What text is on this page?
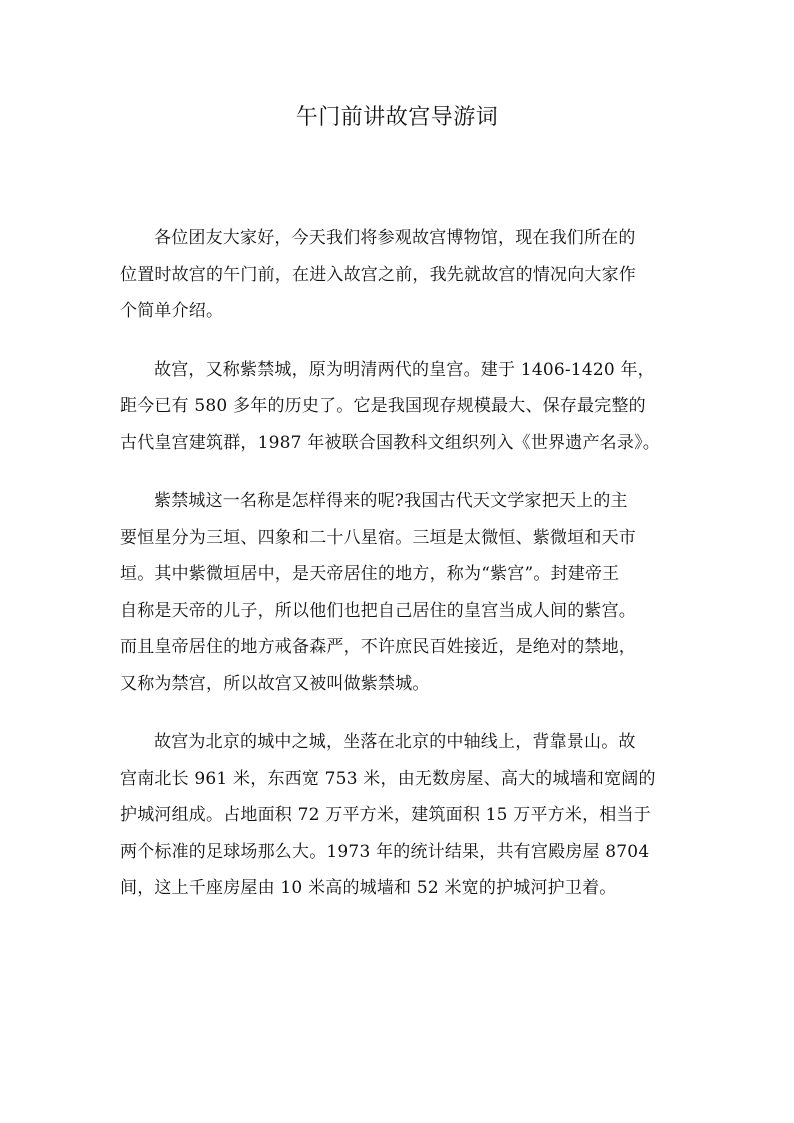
午门前讲故宫导游词
各位团友大家好，今天我们将参观故宫博物馆，现在我们所在的
位置时故宫的午门前，在进入故宫之前，我先就故宫的情况向大家作
个简单介绍。
故宫，又称紫禁城，原为明清两代的皇宫。建于 1406-1420 年，
距今已有 580 多年的历史了。它是我国现存规模最大、保存最完整的
古代皇宫建筑群，1987 年被联合国教科文组织列入《世界遗产名录》。
紫禁城这一名称是怎样得来的呢?我国古代天文学家把天上的主
要恒星分为三垣、四象和二十八星宿。三垣是太微恒、紫微垣和天市
垣。其中紫微垣居中，是天帝居住的地方，称为“紫宫”。封建帝王
自称是天帝的儿子，所以他们也把自己居住的皇宫当成人间的紫宫。
而且皇帝居住的地方戒备森严，不许庶民百姓接近，是绝对的禁地，
又称为禁宫，所以故宫又被叫做紫禁城。
故宫为北京的城中之城，坐落在北京的中轴线上，背靠景山。故
宫南北长 961 米，东西宽 753 米，由无数房屋、高大的城墙和宽阔的
护城河组成。占地面积 72 万平方米，建筑面积 15 万平方米，相当于
两个标准的足球场那么大。1973 年的统计结果，共有宫殿房屋 8704
间，这上千座房屋由 10 米高的城墙和 52 米宽的护城河护卫着。
